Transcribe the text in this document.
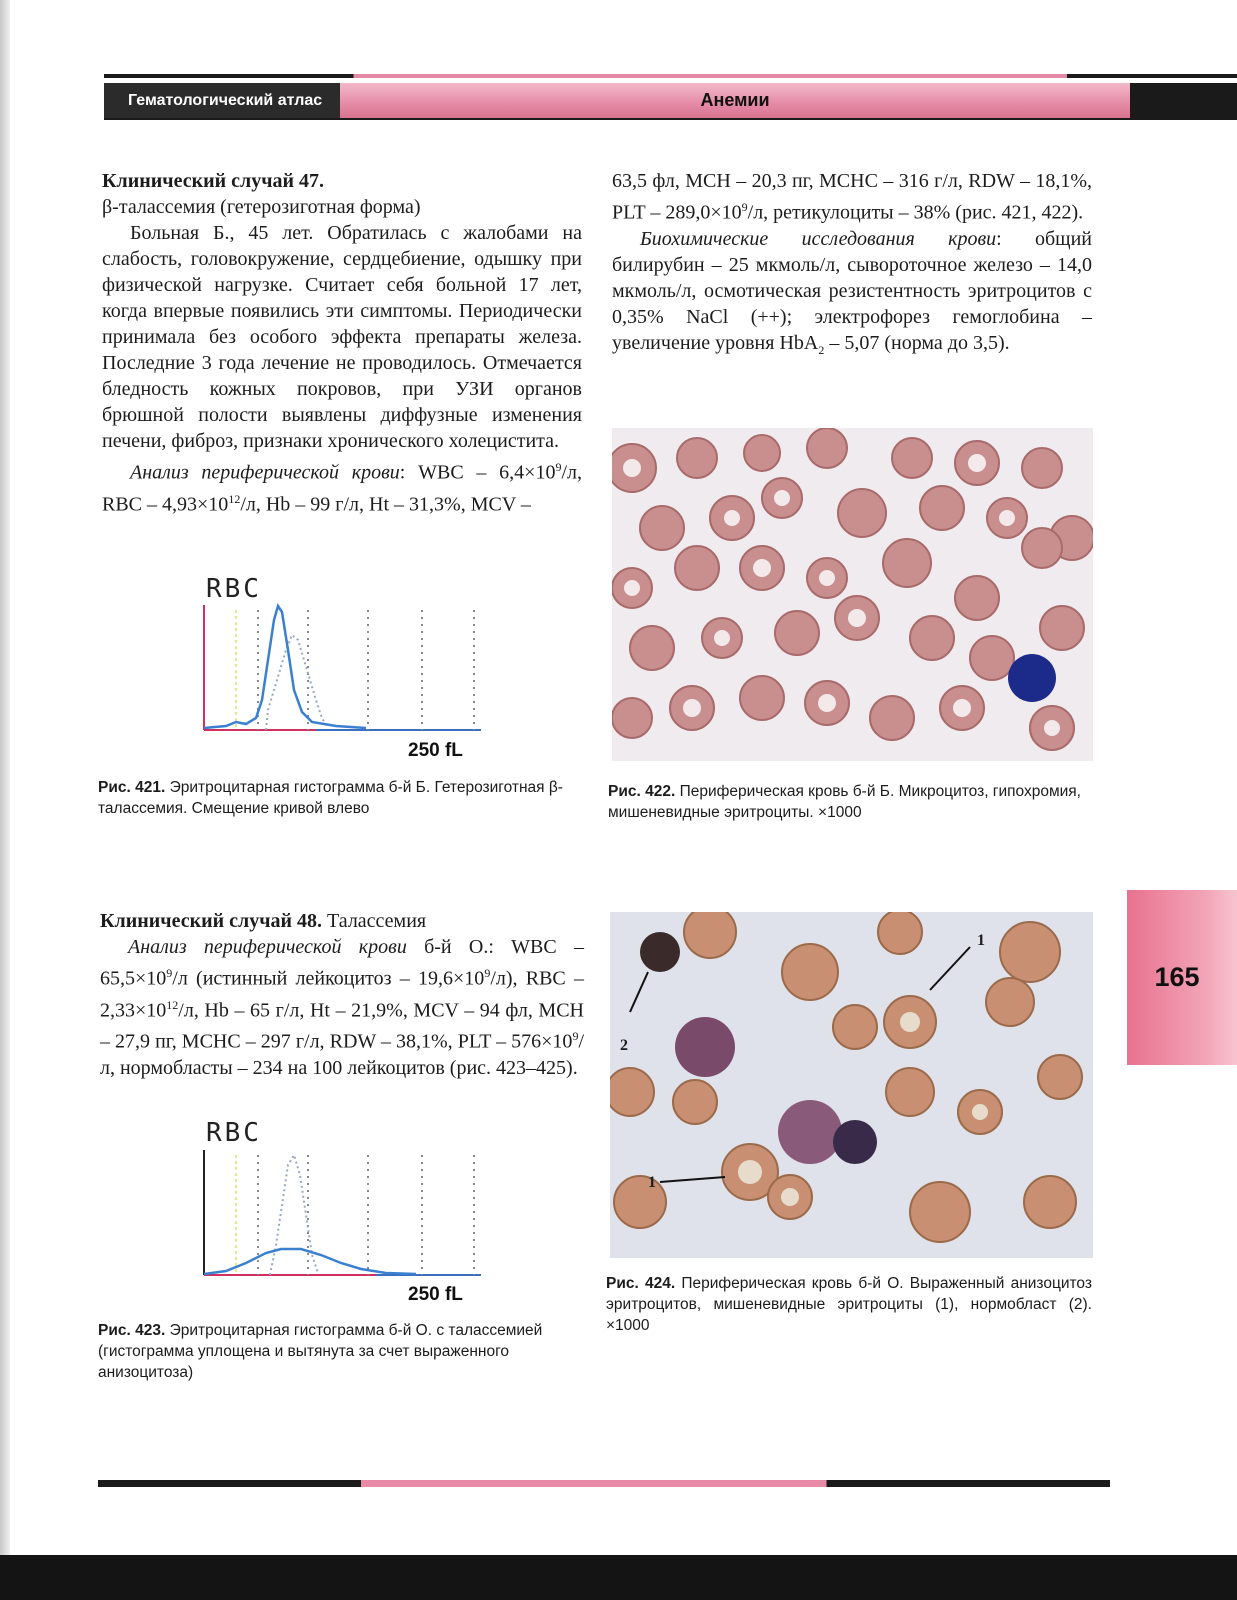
Гематологический атлас	Анемии

Клинический случай 47.

β-талассемия (гетерозиготная форма)

Больная Б., 45 лет. Обратилась с жалобами на слабость, головокружение, сердцебиение, одышку при физической нагрузке. Считает себя больной 17 лет, когда впервые появились эти симптомы. Периодически принимала без особого эффекта препараты железа. Последние 3 года лечение не проводилось. Отмечается бледность кожных покровов, при УЗИ органов брюшной полости выявлены диффузные изменения печени, фиброз, признаки хронического холецистита.

Анализ периферической крови: WBC – $6,4\times 10^9/л$, RBC – $4,93\times 10^{12}/л$, Hb – 99 г/л, Ht – 31,3%, MCV –

63,5 фл, МСН – 20,3 пг, МСНС – 316 г/л, RDW – 18,1%, PLT – $289,0\times 10^9/л$, ретикулоциты – 38% (рис. 421, 422).

Биохимические исследования крови: общий билирубин – 25 мкмоль/л, сывороточное железо – 14,0 мкмоль/л, осмотическая резистентность эритроцитов с 0,35% NaCl (++); электрофорез гемоглобина – увеличение уровня HbA$_2$ – 5,07 (норма до 3,5).

RBC
250 fL
Рис. 421. Эритроцитарная гистограмма б-й Б. Гетерозиготная β-талассемия. Смещение кривой влево
Рис. 422. Периферическая кровь б-й Б. Микроцитоз, гипохромия, мишеневидные эритроциты. ×1000

Клинический случай 48. Талассемия

Анализ периферической крови б-й О.: WBC – $65,5\times 10^9/л$ (истинный лейкоцитоз – $19,6\times 10^9/л$), RBC – $2,33\times 10^{12}/л$, Hb – 65 г/л, Ht – 21,9%, MCV – 94 фл, МСН – 27,9 пг, МСНС – 297 г/л, RDW – 38,1%, PLT – $576\times 10^9/л$, нормобласты – 234 на 100 лейкоцитов (рис. 423–425).

RBC
250 fL
Рис. 423. Эритроцитарная гистограмма б-й О. с талассемией (гистограмма уплощена и вытянута за счет выраженного анизоцитоза)
1
2
1
Рис. 424. Периферическая кровь б-й О. Выраженный анизоцитоз эритроцитов, мишеневидные эритроциты (1), нормобласт (2). ×1000
165
